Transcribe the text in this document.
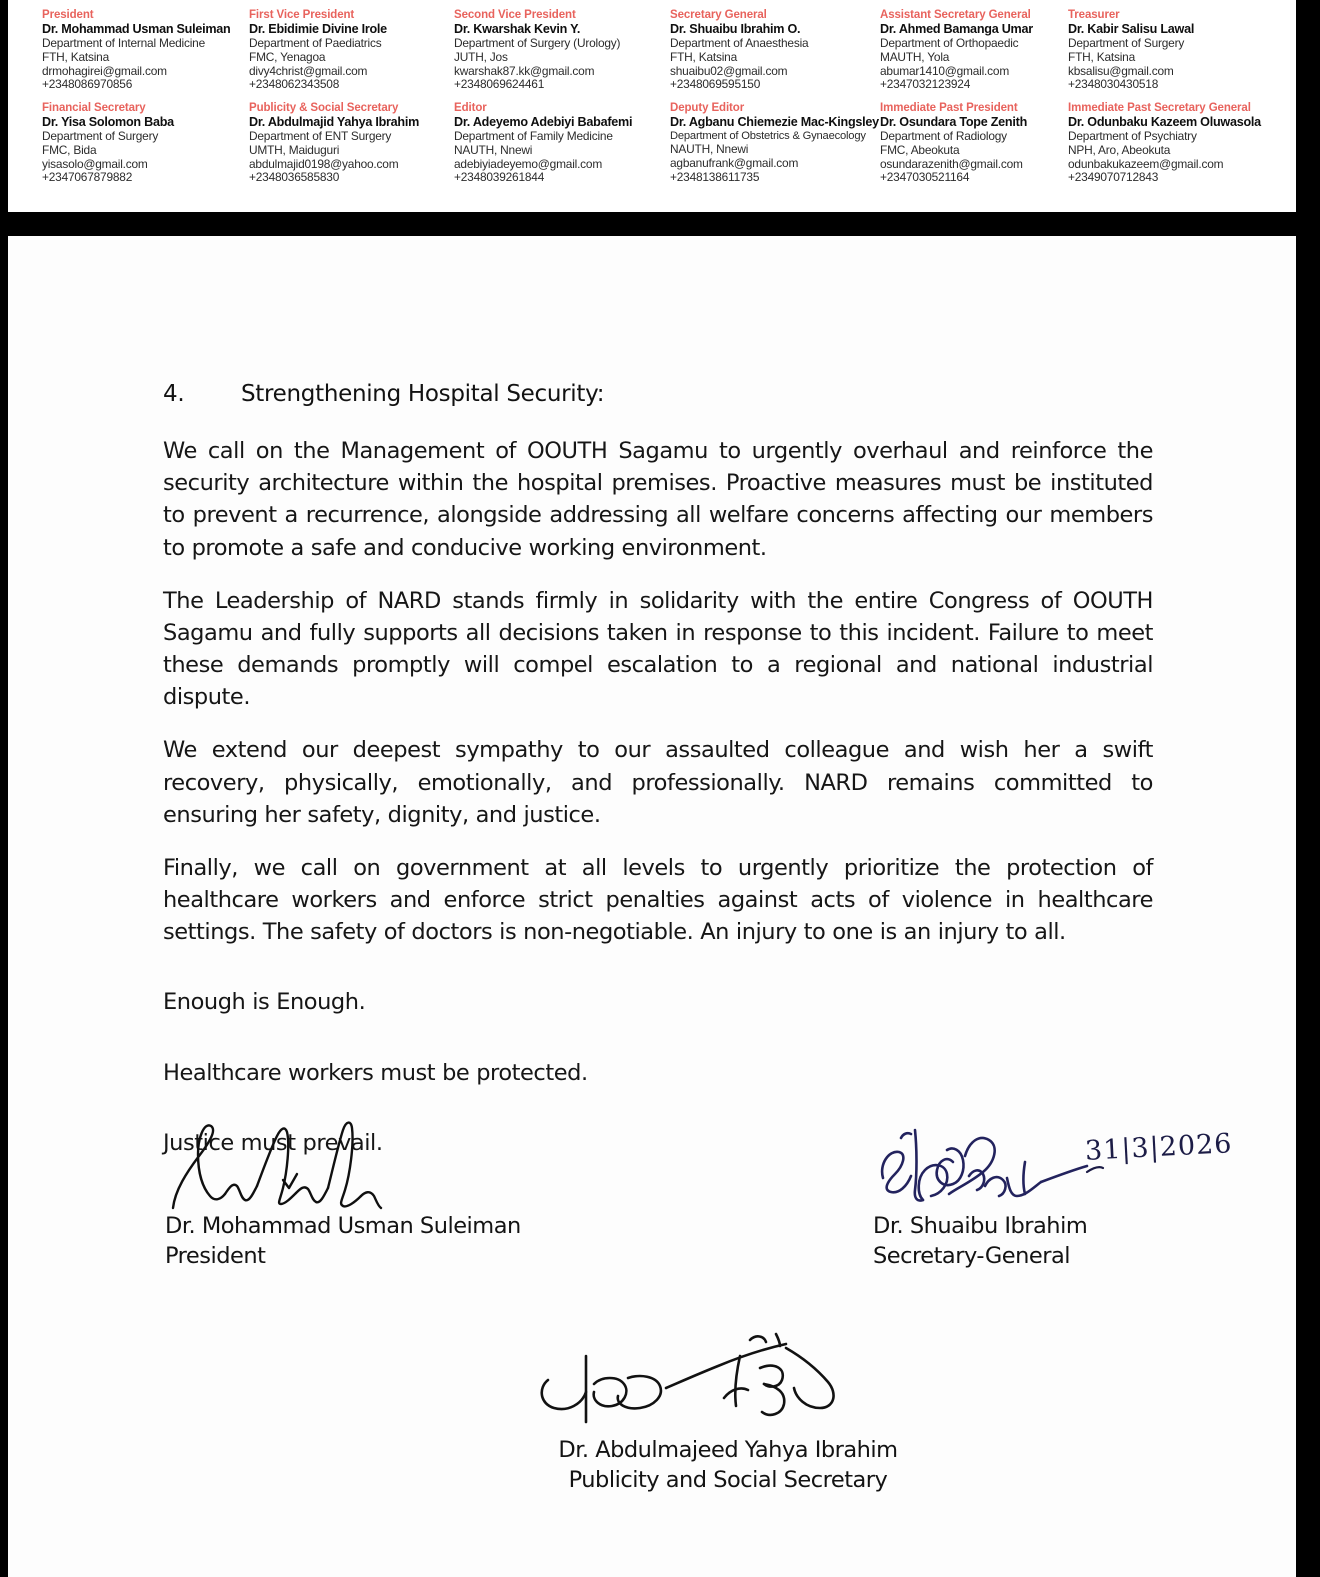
President
Dr. Mohammad Usman Suleiman
Department of Internal Medicine
FTH, Katsina
drmohagirei@gmail.com
+2348086970856
First Vice President
Dr. Ebidimie Divine Irole
Department of Paediatrics
FMC, Yenagoa
divy4christ@gmail.com
+2348062343508
Second Vice President
Dr. Kwarshak Kevin Y.
Department of Surgery (Urology)
JUTH, Jos
kwarshak87.kk@gmail.com
+2348069624461
Secretary General
Dr. Shuaibu Ibrahim O.
Department of Anaesthesia
FTH, Katsina
shuaibu02@gmail.com
+2348069595150
Assistant Secretary General
Dr. Ahmed Bamanga Umar
Department of Orthopaedic
MAUTH, Yola
abumar1410@gmail.com
+2347032123924
Treasurer
Dr. Kabir Salisu Lawal
Department of Surgery
FTH, Katsina
kbsalisu@gmail.com
+2348030430518
Financial Secretary
Dr. Yisa Solomon Baba
Department of Surgery
FMC, Bida
yisasolo@gmail.com
+2347067879882
Publicity & Social Secretary
Dr. Abdulmajid Yahya Ibrahim
Department of ENT Surgery
UMTH, Maiduguri
abdulmajid0198@yahoo.com
+2348036585830
Editor
Dr. Adeyemo Adebiyi Babafemi
Department of Family Medicine
NAUTH, Nnewi
adebiyiadeyemo@gmail.com
+2348039261844
Deputy Editor
Dr. Agbanu Chiemezie Mac-Kingsley
Department of Obstetrics & Gynaecology
NAUTH, Nnewi
agbanufrank@gmail.com
+2348138611735
Immediate Past President
Dr. Osundara Tope Zenith
Department of Radiology
FMC, Abeokuta
osundarazenith@gmail.com
+2347030521164
Immediate Past Secretary General
Dr. Odunbaku Kazeem Oluwasola
Department of Psychiatry
NPH, Aro, Abeokuta
odunbakukazeem@gmail.com
+2349070712843
4.	Strengthening Hospital Security:

We call on the Management of OOUTH Sagamu to urgently overhaul and reinforce the security architecture within the hospital premises. Proactive measures must be instituted to prevent a recurrence, alongside addressing all welfare concerns affecting our members to promote a safe and conducive working environment.

The Leadership of NARD stands firmly in solidarity with the entire Congress of OOUTH Sagamu and fully supports all decisions taken in response to this incident. Failure to meet these demands promptly will compel escalation to a regional and national industrial dispute.

We extend our deepest sympathy to our assaulted colleague and wish her a swift recovery, physically, emotionally, and professionally. NARD remains committed to ensuring her safety, dignity, and justice.

Finally, we call on government at all levels to urgently prioritize the protection of healthcare workers and enforce strict penalties against acts of violence in healthcare settings. The safety of doctors is non-negotiable. An injury to one is an injury to all.

Enough is Enough.

Healthcare workers must be protected.

Justice must prevail.

Dr. Mohammad Usman Suleiman
President
31|3|2026
Dr. Shuaibu Ibrahim
Secretary-General
Dr. Abdulmajeed Yahya Ibrahim
Publicity and Social Secretary
